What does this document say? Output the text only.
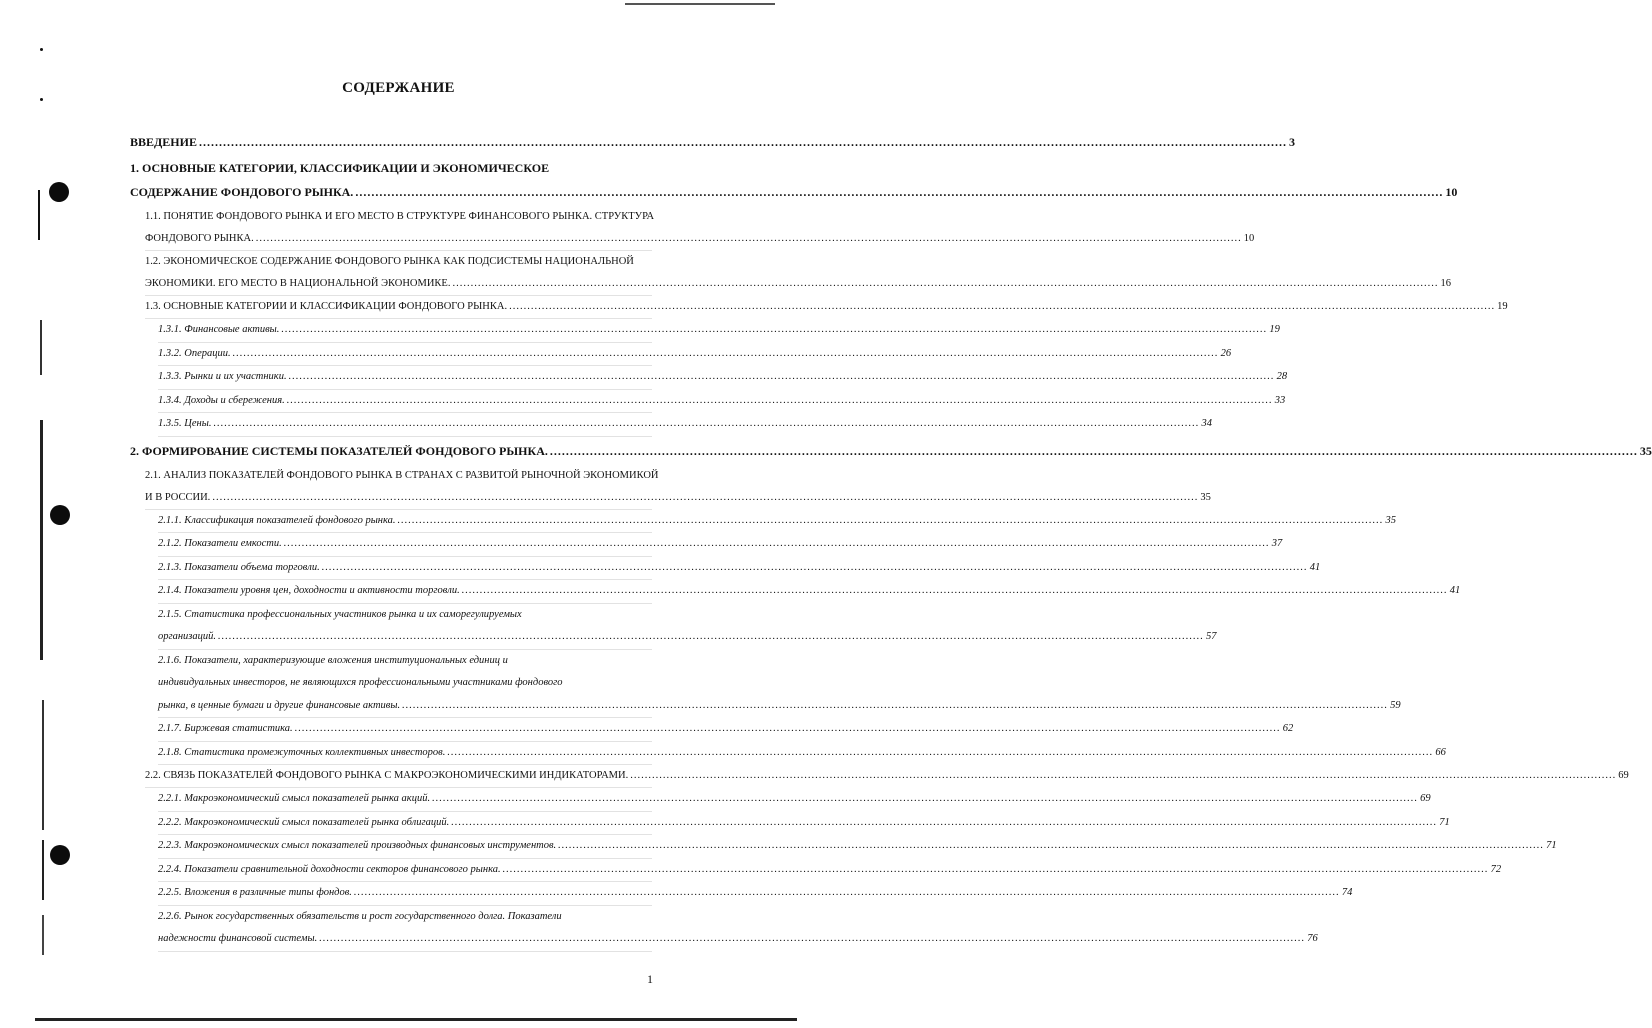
СОДЕРЖАНИЕ
ВВЕДЕНИЕ .....	3
1. ОСНОВНЫЕ КАТЕГОРИИ, КЛАССИФИКАЦИИ И ЭКОНОМИЧЕСКОЕ
СОДЕРЖАНИЕ ФОНДОВОГО РЫНКА. .....	10
1.1. ПОНЯТИЕ ФОНДОВОГО РЫНКА И ЕГО МЕСТО В СТРУКТУРЕ ФИНАНСОВОГО РЫНКА. СТРУКТУРА
ФОНДОВОГО РЫНКА. .....	10
1.2. ЭКОНОМИЧЕСКОЕ СОДЕРЖАНИЕ ФОНДОВОГО РЫНКА КАК ПОДСИСТЕМЫ НАЦИОНАЛЬНОЙ
ЭКОНОМИКИ. ЕГО МЕСТО В НАЦИОНАЛЬНОЙ ЭКОНОМИКЕ. .....	16
1.3. ОСНОВНЫЕ КАТЕГОРИИ И КЛАССИФИКАЦИИ ФОНДОВОГО РЫНКА. .....	19
1.3.1. Финансовые активы. .....	19
1.3.2. Операции. .....	26
1.3.3. Рынки и их участники. .....	28
1.3.4. Доходы и сбережения. .....	33
1.3.5. Цены. .....	34
2. ФОРМИРОВАНИЕ СИСТЕМЫ ПОКАЗАТЕЛЕЙ ФОНДОВОГО РЫНКА. .....	35
2.1. АНАЛИЗ ПОКАЗАТЕЛЕЙ ФОНДОВОГО РЫНКА В СТРАНАХ С РАЗВИТОЙ РЫНОЧНОЙ ЭКОНОМИКОЙ
И В РОССИИ. .....	35
2.1.1. Классификация показателей фондового рынка. .....	35
2.1.2. Показатели емкости. .....	37
2.1.3. Показатели объема торговли. .....	41
2.1.4. Показатели уровня цен, доходности и активности торговли. .....	41
2.1.5. Статистика профессиональных участников рынка и их саморегулируемых
организаций. .....	57
2.1.6. Показатели, характеризующие вложения институциональных единиц и
индивидуальных инвесторов, не являющихся профессиональными участниками фондового
рынка, в ценные бумаги и другие финансовые активы. .....	59
2.1.7. Биржевая статистика. .....	62
2.1.8. Статистика промежуточных коллективных инвесторов. .....	66
2.2. СВЯЗЬ ПОКАЗАТЕЛЕЙ ФОНДОВОГО РЫНКА С МАКРОЭКОНОМИЧЕСКИМИ ИНДИКАТОРАМИ. .....	69
2.2.1. Макроэкономический смысл показателей рынка акций. .....	69
2.2.2. Макроэкономический смысл показателей рынка облигаций. .....	71
2.2.3. Макроэкономических смысл показателей производных финансовых инструментов. .....	71
2.2.4. Показатели сравнительной доходности секторов финансового рынка. .....	72
2.2.5. Вложения в различные типы фондов. .....	74
2.2.6. Рынок государственных обязательств и рост государственного долга. Показатели
надежности финансовой системы. .....	76
1
